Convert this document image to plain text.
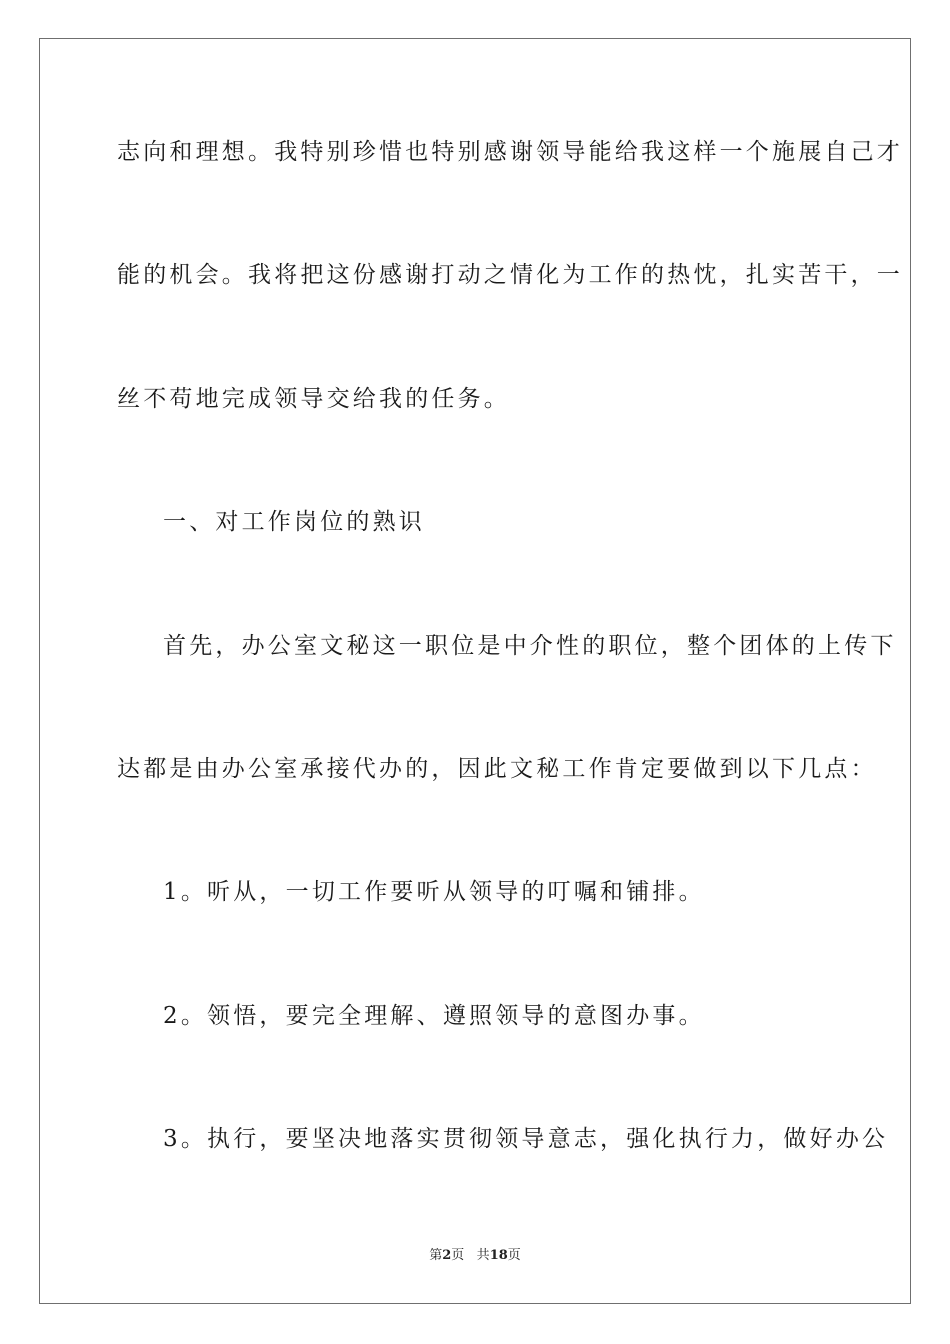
志向和理想。我特别珍惜也特别感谢领导能给我这样一个施展自己才
能的机会。我将把这份感谢打动之情化为工作的热忱，扎实苦干，一
丝不苟地完成领导交给我的任务。
一、对工作岗位的熟识
首先，办公室文秘这一职位是中介性的职位，整个团体的上传下
达都是由办公室承接代办的，因此文秘工作肯定要做到以下几点：
1。听从，一切工作要听从领导的叮嘱和铺排。
2。领悟，要完全理解、遵照领导的意图办事。
3。执行，要坚决地落实贯彻领导意志，强化执行力，做好办公
第2页 共18页
